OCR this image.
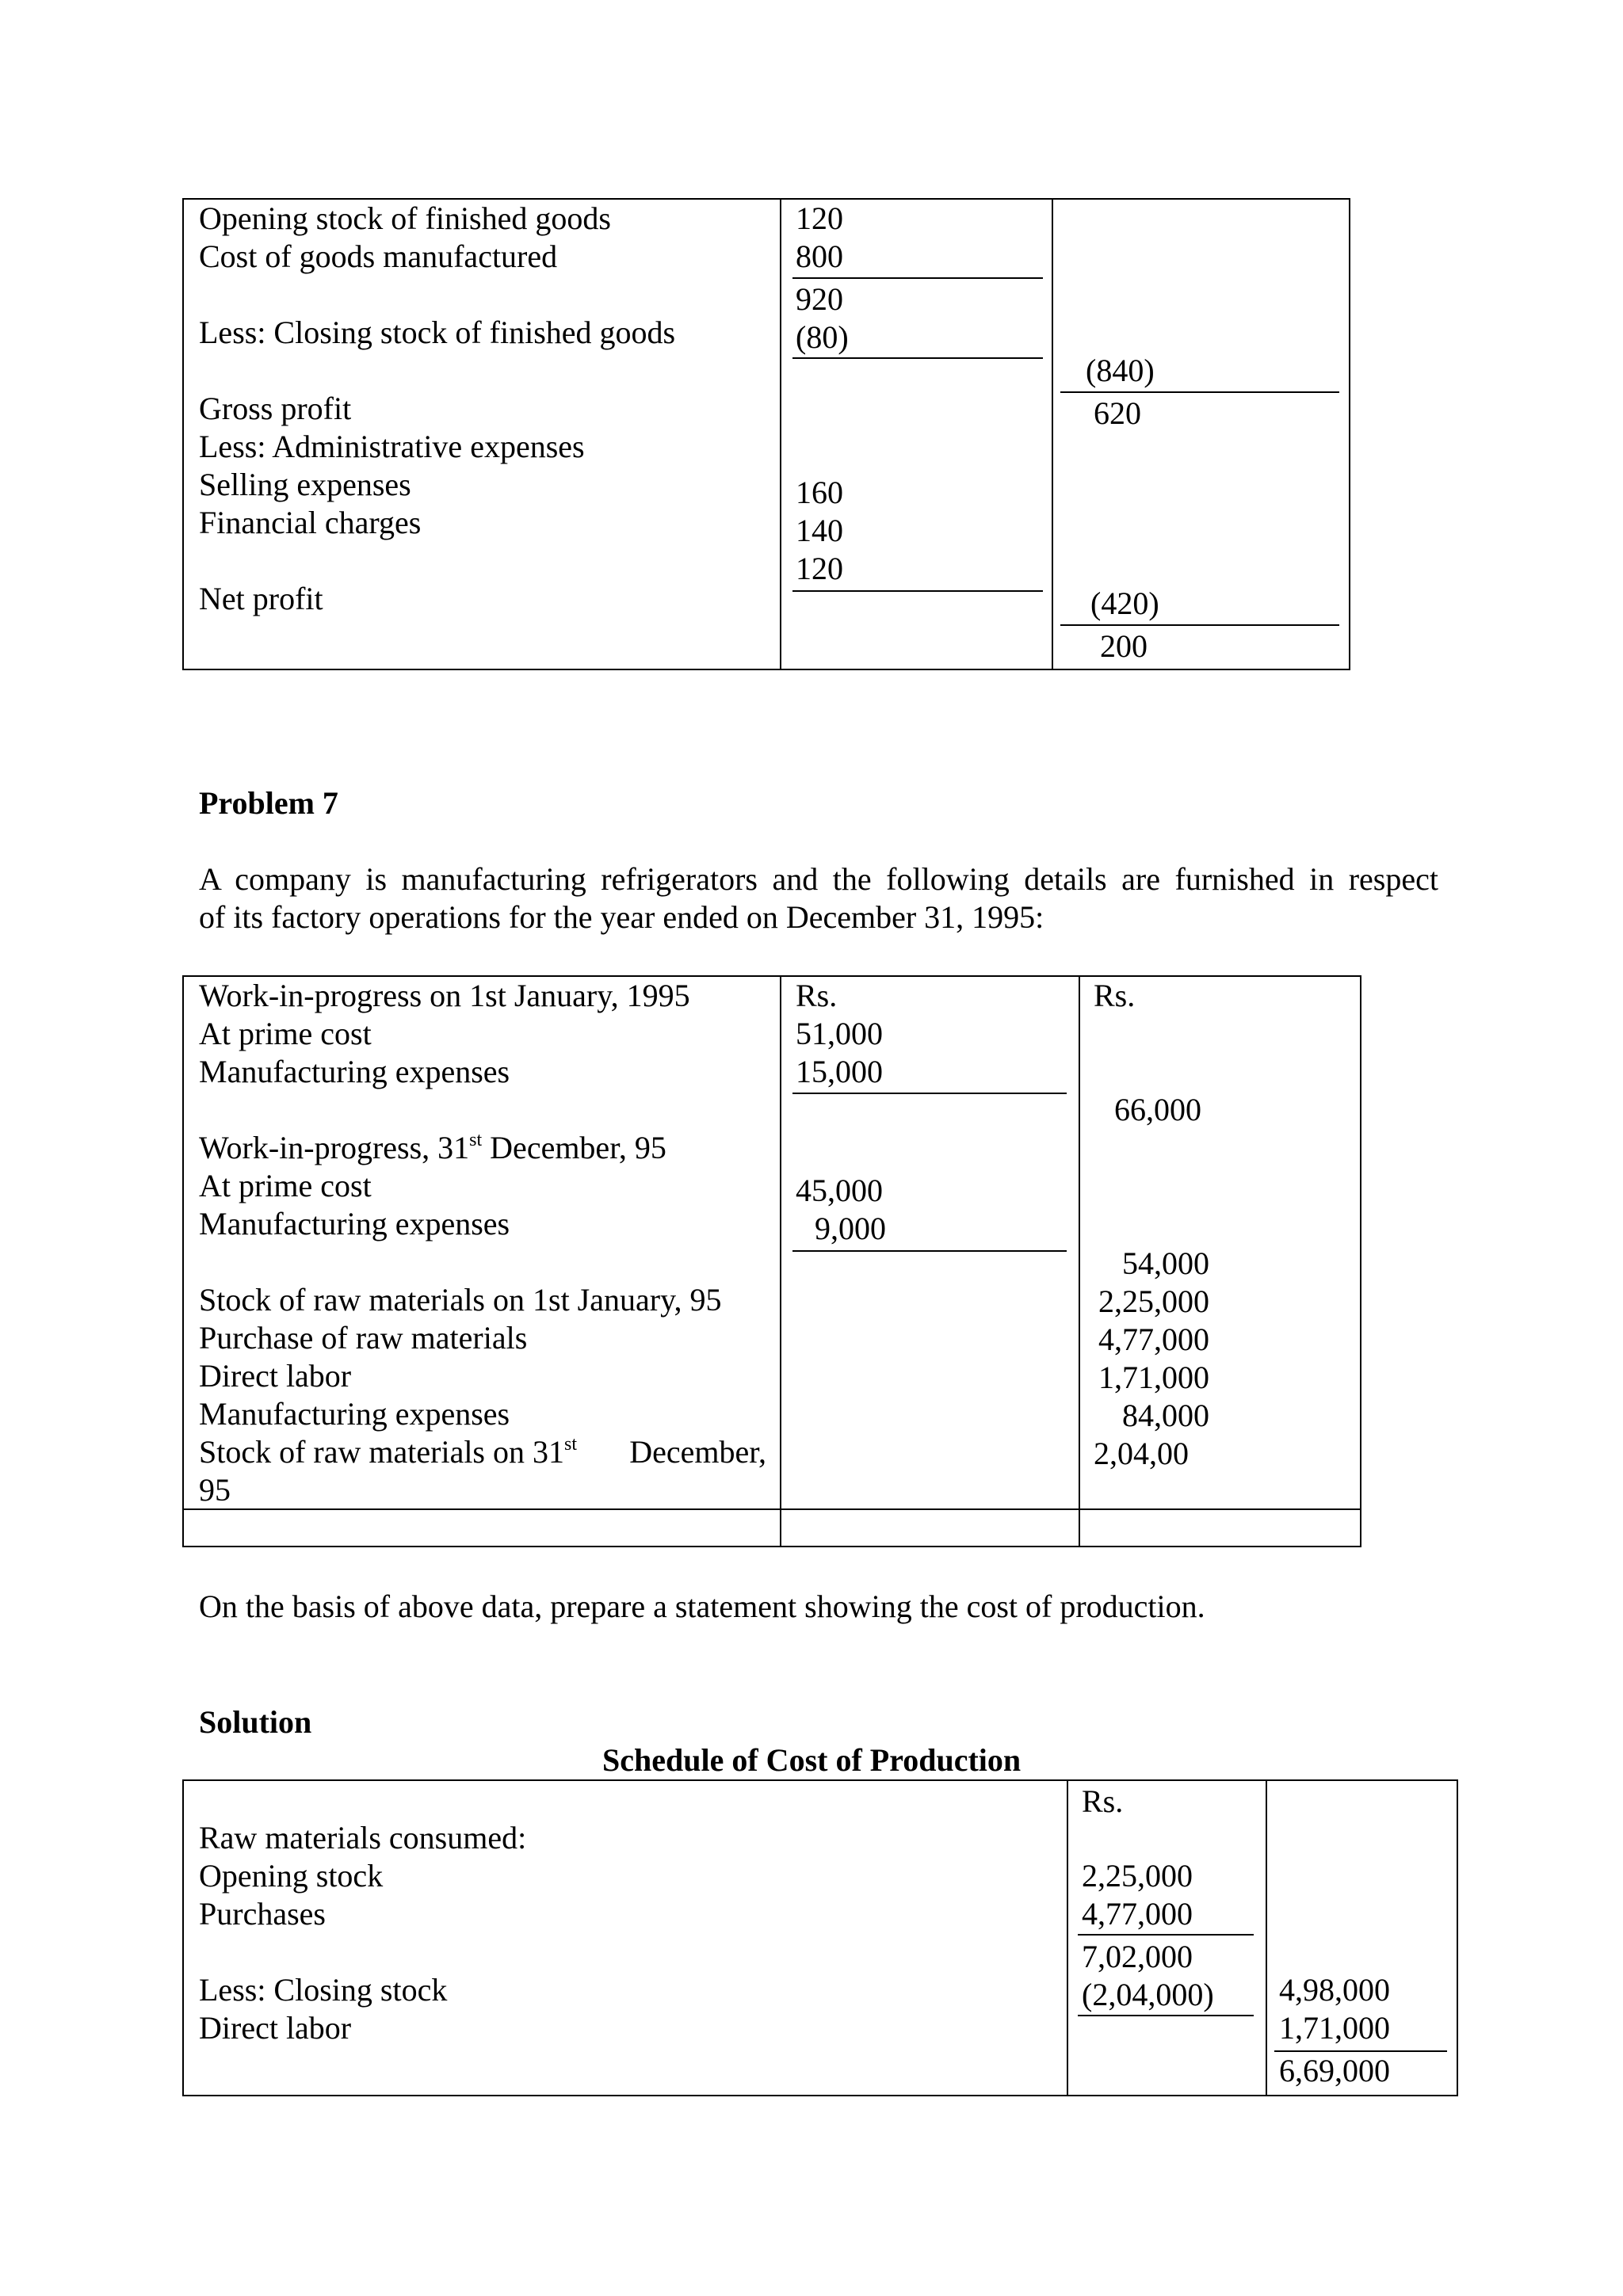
Opening stock of finished goods
Cost of goods manufactured
Less: Closing stock of finished goods
Gross profit
Less: Administrative expenses
Selling expenses
Financial charges
Net profit
120
800
920
(80)
160
140
120
(840)
620
(420)
200
Problem 7
A company is manufacturing refrigerators and the following details are furnished in respect
of its factory operations for the year ended on December 31, 1995:
Work-in-progress on 1st January, 1995
At prime cost
Manufacturing expenses
Work-in-progress, 31st December, 95
At prime cost
Manufacturing expenses
Stock of raw materials on 1st January, 95
Purchase of raw materials
Direct labor
Manufacturing expenses
Stock of raw materials on 31st December,
95
Rs.
51,000
15,000
45,000
9,000
Rs.
66,000
54,000
2,25,000
4,77,000
1,71,000
84,000
2,04,00
On the basis of above data, prepare a statement showing the cost of production.
Solution
Schedule of Cost of Production
Raw materials consumed:
Opening stock
Purchases
Less: Closing stock
Direct labor
Rs.
2,25,000
4,77,000
7,02,000
(2,04,000) 4,98,000
1,71,000
6,69,000
